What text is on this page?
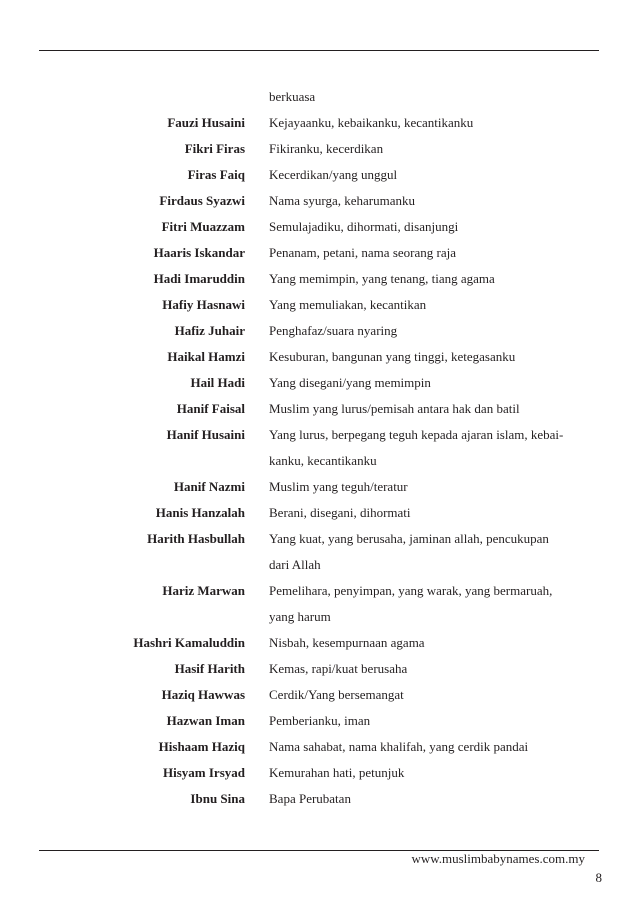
berkuasa
Fauzi Husaini Kejayaanku, kebaikanku, kecantikanku
Fikri Firas Fikiranku, kecerdikan
Firas Faiq Kecerdikan/yang unggul
Firdaus Syazwi Nama syurga, keharumanku
Fitri Muazzam Semulajadiku, dihormati, disanjungi
Haaris Iskandar Penanam, petani, nama seorang raja
Hadi Imaruddin Yang memimpin, yang tenang, tiang agama
Hafiy Hasnawi Yang memuliakan, kecantikan
Hafiz Juhair Penghafaz/suara nyaring
Haikal Hamzi Kesuburan, bangunan yang tinggi, ketegasanku
Hail Hadi Yang disegani/yang memimpin
Hanif Faisal Muslim yang lurus/pemisah antara hak dan batil
Hanif Husaini Yang lurus, berpegang teguh kepada ajaran islam, kebai-
kanku, kecantikanku
Hanif Nazmi Muslim yang teguh/teratur
Hanis Hanzalah Berani, disegani, dihormati
Harith Hasbullah Yang kuat, yang berusaha, jaminan allah, pencukupan
dari Allah
Hariz Marwan Pemelihara, penyimpan, yang warak, yang bermaruah,
yang harum
Hashri Kamaluddin Nisbah, kesempurnaan agama
Hasif Harith Kemas, rapi/kuat berusaha
Haziq Hawwas Cerdik/Yang bersemangat
Hazwan Iman Pemberianku, iman
Hishaam Haziq Nama sahabat, nama khalifah, yang cerdik pandai
Hisyam Irsyad Kemurahan hati, petunjuk
Ibnu Sina Bapa Perubatan
www.muslimbabynames.com.my
8
